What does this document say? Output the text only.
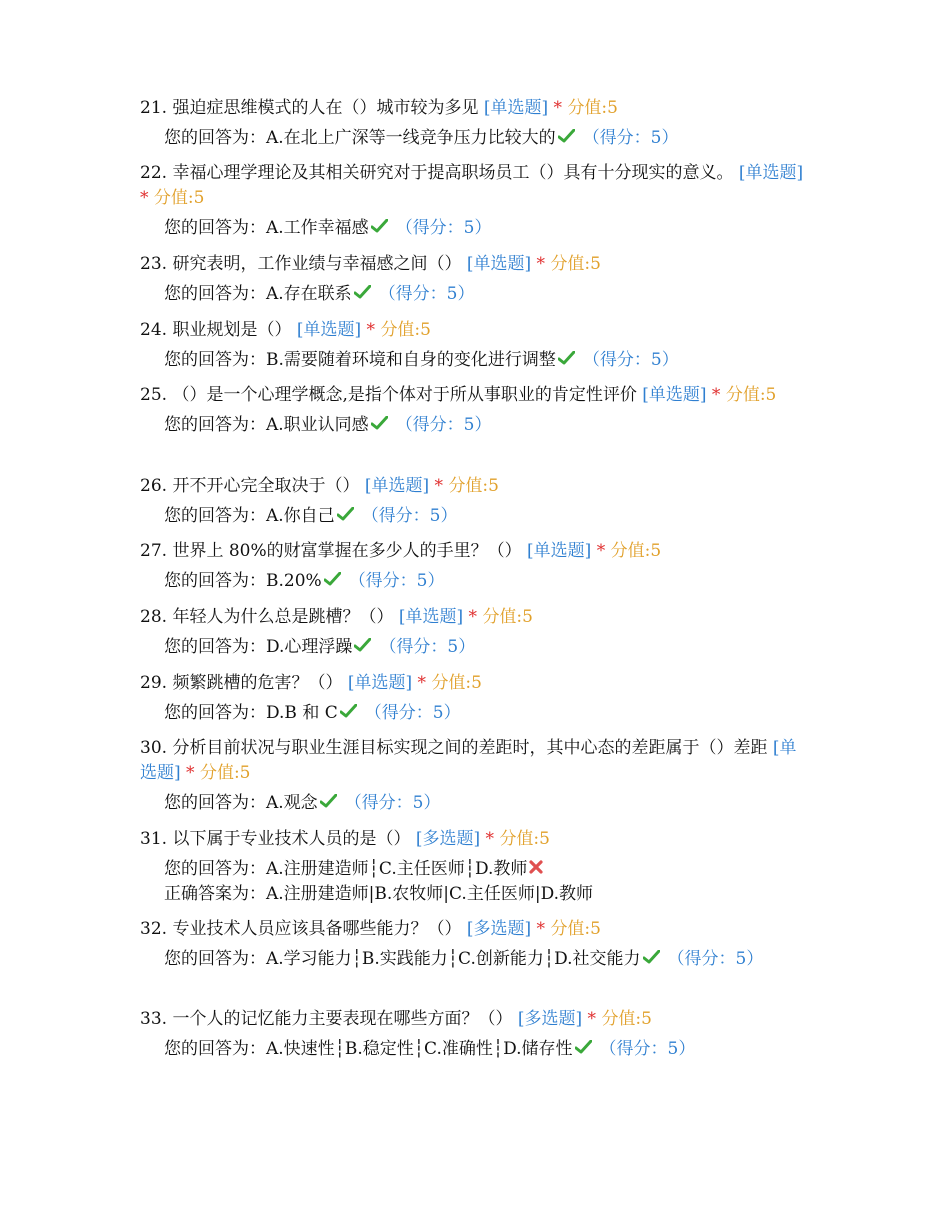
21. 强迫症思维模式的人在（）城市较为多见 [单选题] * 分值:5
您的回答为：A.在北上广深等一线竞争压力比较大的 （得分：5）
22. 幸福心理学理论及其相关研究对于提高职场员工（）具有十分现实的意义。 [单选题] * 分值:5
您的回答为：A.工作幸福感 （得分：5）
23. 研究表明，工作业绩与幸福感之间（） [单选题] * 分值:5
您的回答为：A.存在联系 （得分：5）
24. 职业规划是（） [单选题] * 分值:5
您的回答为：B.需要随着环境和自身的变化进行调整 （得分：5）
25. （）是一个心理学概念,是指个体对于所从事职业的肯定性评价 [单选题] * 分值:5
您的回答为：A.职业认同感 （得分：5）
26. 开不开心完全取决于（） [单选题] * 分值:5
您的回答为：A.你自己 （得分：5）
27. 世界上 80%的财富掌握在多少人的手里？（） [单选题] * 分值:5
您的回答为：B.20% （得分：5）
28. 年轻人为什么总是跳槽？（） [单选题] * 分值:5
您的回答为：D.心理浮躁 （得分：5）
29. 频繁跳槽的危害？（） [单选题] * 分值:5
您的回答为：D.B 和 C （得分：5）
30. 分析目前状况与职业生涯目标实现之间的差距时，其中心态的差距属于（）差距 [单选题] * 分值:5
您的回答为：A.观念 （得分：5）
31. 以下属于专业技术人员的是（） [多选题] * 分值:5
您的回答为：A.注册建造师┆C.主任医师┆D.教师
正确答案为：A.注册建造师|B.农牧师|C.主任医师|D.教师
32. 专业技术人员应该具备哪些能力？（） [多选题] * 分值:5
您的回答为：A.学习能力┆B.实践能力┆C.创新能力┆D.社交能力 （得分：5）
33. 一个人的记忆能力主要表现在哪些方面？（） [多选题] * 分值:5
您的回答为：A.快速性┆B.稳定性┆C.准确性┆D.储存性 （得分：5）
